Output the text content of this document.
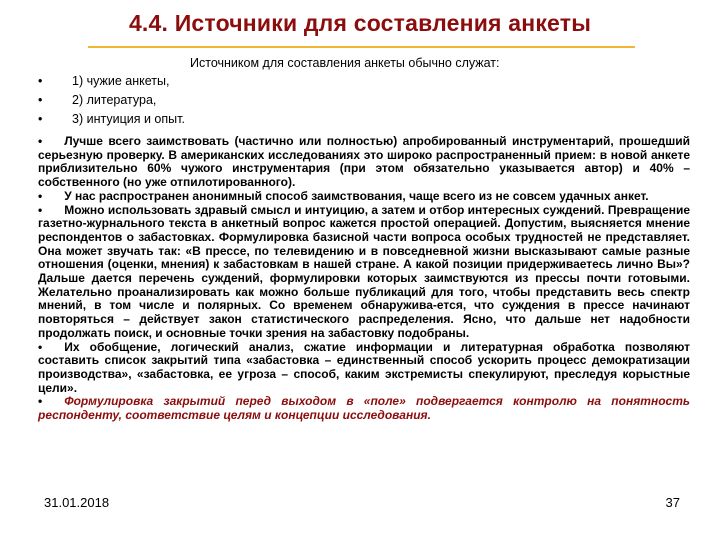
4.4. Источники для составления анкеты
Источником для составления анкеты обычно служат:
•	1) чужие анкеты,
•	2) литература,
•	3) интуиция и опыт.

• Лучше всего заимствовать (частично или полностью) апробированный инструментарий, прошедший серьезную проверку. В американских исследованиях это широко распространенный прием: в новой анкете приблизительно 60% чужого инструментария (при этом обязательно указывается автор) и 40% – собственного (но уже отпилотированного).

• У нас распространен анонимный способ заимствования, чаще всего из не совсем удачных анкет.

• Можно использовать здравый смысл и интуицию, а затем и отбор интересных суждений. Превращение газетно-журнального текста в анкетный вопрос кажется простой операцией. Допустим, выясняется мнение респондентов о забастовках. Формулировка базисной части вопроса особых трудностей не представляет. Она может звучать так: «В прессе, по телевидению и в повседневной жизни высказывают самые разные отношения (оценки, мнения) к забастовкам в нашей стране. А какой позиции придерживаетесь лично Вы»? Дальше дается перечень суждений, формулировки которых заимствуются из прессы почти готовыми. Желательно проанализировать как можно больше публикаций для того, чтобы представить весь спектр мнений, в том числе и полярных. Со временем обнаружива-ется, что суждения в прессе начинают повторяться – действует закон статистического распределения. Ясно, что дальше нет надобности продолжать поиск, и основные точки зрения на забастовку подобраны.

• Их обобщение, логический анализ, сжатие информации и литературная обработка позволяют составить список закрытий типа «забастовка – единственный способ ускорить процесс демократизации производства», «забастовка, ее угроза – способ, каким экстремисты спекулируют, преследуя корыстные цели».

• Формулировка закрытий перед выходом в «поле» подвергается контролю на понятность респонденту, соответствие целям и концепции исследования.

31.01.2018	37
